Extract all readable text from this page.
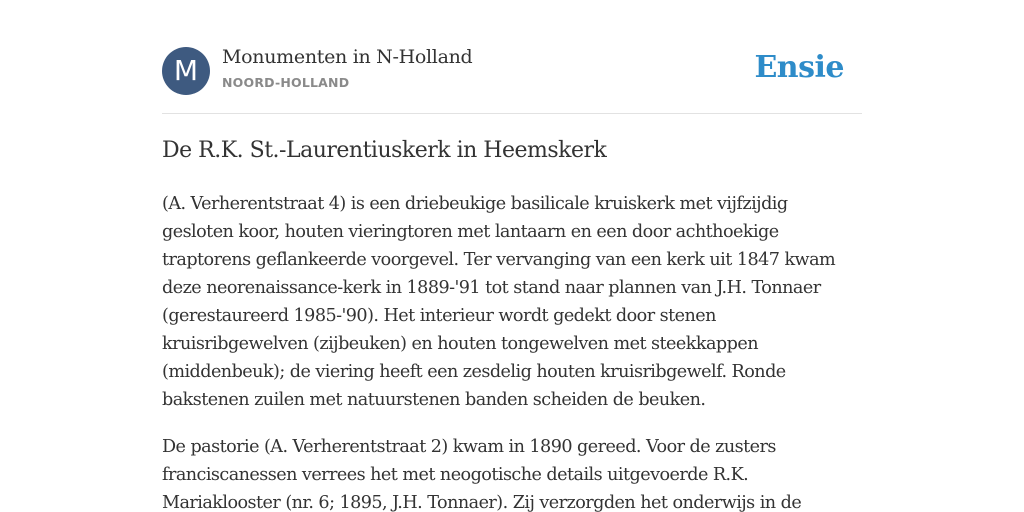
M	Monumenten in N-Holland
NOORD-HOLLAND	Ensie
De R.K. St.-Laurentiuskerk in Heemskerk

(A. Verherentstraat 4) is een driebeukige basilicale kruiskerk met vijfzijdig gesloten koor, houten vieringtoren met lantaarn en een door achthoekige traptorens geflankeerde voorgevel. Ter vervanging van een kerk uit 1847 kwam deze neorenaissance-kerk in 1889-'91 tot stand naar plannen van J.H. Tonnaer (gerestaureerd 1985-'90). Het interieur wordt gedekt door stenen kruisribgewelven (zijbeuken) en houten tongewelven met steekkappen (middenbeuk); de viering heeft een zesdelig houten kruisribgewelf. Ronde bakstenen zuilen met natuurstenen banden scheiden de beuken.

De pastorie (A. Verherentstraat 2) kwam in 1890 gereed. Voor de zusters franciscanessen verrees het met neogotische details uitgevoerde R.K. Mariaklooster (nr. 6; 1895, J.H. Tonnaer). Zij verzorgden het onderwijs in de
